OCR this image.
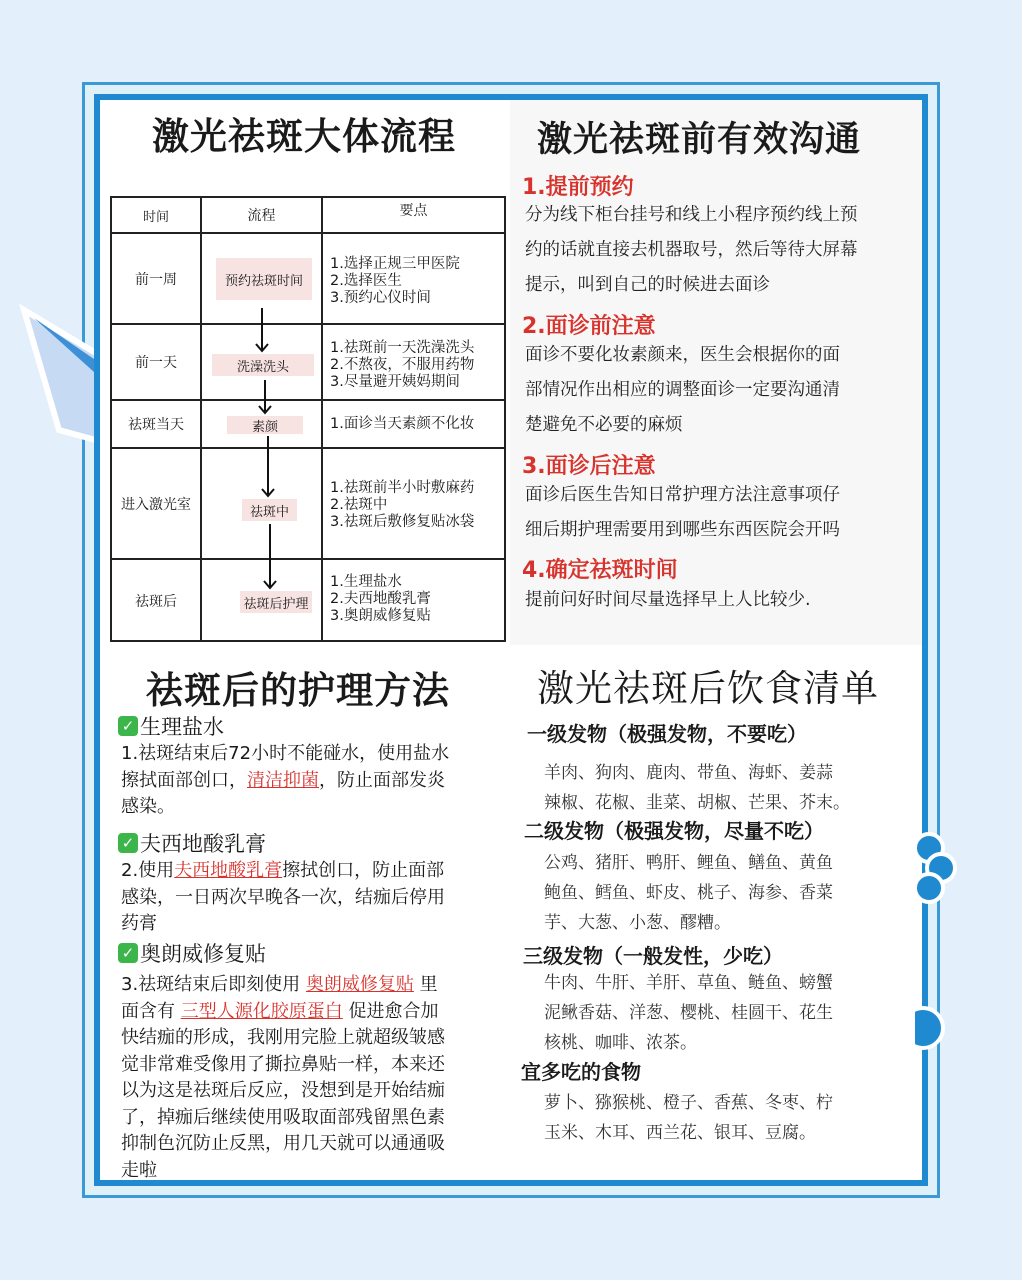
激光祛斑大体流程
时间	流程	要点
前一周
前一天
祛斑当天
进入激光室
祛斑后
预约祛斑时间
洗澡洗头
素颜
祛斑中
祛斑后护理
1.选择正规三甲医院
2.选择医生
3.预约心仪时间
1.祛斑前一天洗澡洗头
2.不熬夜，不服用药物
3.尽量避开姨妈期间
1.面诊当天素颜不化妆
1.祛斑前半小时敷麻药
2.祛斑中
3.祛斑后敷修复贴冰袋
1.生理盐水
2.夫西地酸乳膏
3.奥朗威修复贴
激光祛斑前有效沟通
1.提前预约
分为线下柜台挂号和线上小程序预约线上预
约的话就直接去机器取号，然后等待大屏幕
提示，叫到自己的时候进去面诊
2.面诊前注意
面诊不要化妆素颜来，医生会根据你的面
部情况作出相应的调整面诊一定要沟通清
楚避免不必要的麻烦
3.面诊后注意
面诊后医生告知日常护理方法注意事项仔
细后期护理需要用到哪些东西医院会开吗
4.确定祛斑时间
提前问好时间尽量选择早上人比较少.
祛斑后的护理方法
✓ 生理盐水
1.祛斑结束后72小时不能碰水，使用盐水
擦拭面部创口，清洁抑菌，防止面部发炎
感染。
✓ 夫西地酸乳膏
2.使用夫西地酸乳膏擦拭创口，防止面部
感染，一日两次早晚各一次，结痂后停用
药膏
✓ 奥朗威修复贴
3.祛斑结束后即刻使用 奥朗威修复贴 里
面含有 三型人源化胶原蛋白 促进愈合加
快结痂的形成，我刚用完脸上就超级皱感
觉非常难受像用了撕拉鼻贴一样，本来还
以为这是祛斑后反应，没想到是开始结痂
了，掉痂后继续使用吸取面部残留黑色素
抑制色沉防止反黑，用几天就可以通通吸
走啦
激光祛斑后饮食清单
一级发物（极强发物，不要吃）
羊肉、狗肉、鹿肉、带鱼、海虾、姜蒜
辣椒、花椒、韭菜、胡椒、芒果、芥末。
二级发物（极强发物，尽量不吃）
公鸡、猪肝、鸭肝、鲤鱼、鳝鱼、黄鱼
鲍鱼、鳕鱼、虾皮、桃子、海参、香菜
芋、大葱、小葱、醪糟。
三级发物（一般发性，少吃）
牛肉、牛肝、羊肝、草鱼、鲢鱼、螃蟹
泥鳅香菇、洋葱、樱桃、桂圆干、花生
核桃、咖啡、浓茶。
宜多吃的食物
萝卜、猕猴桃、橙子、香蕉、冬枣、柠
玉米、木耳、西兰花、银耳、豆腐。
